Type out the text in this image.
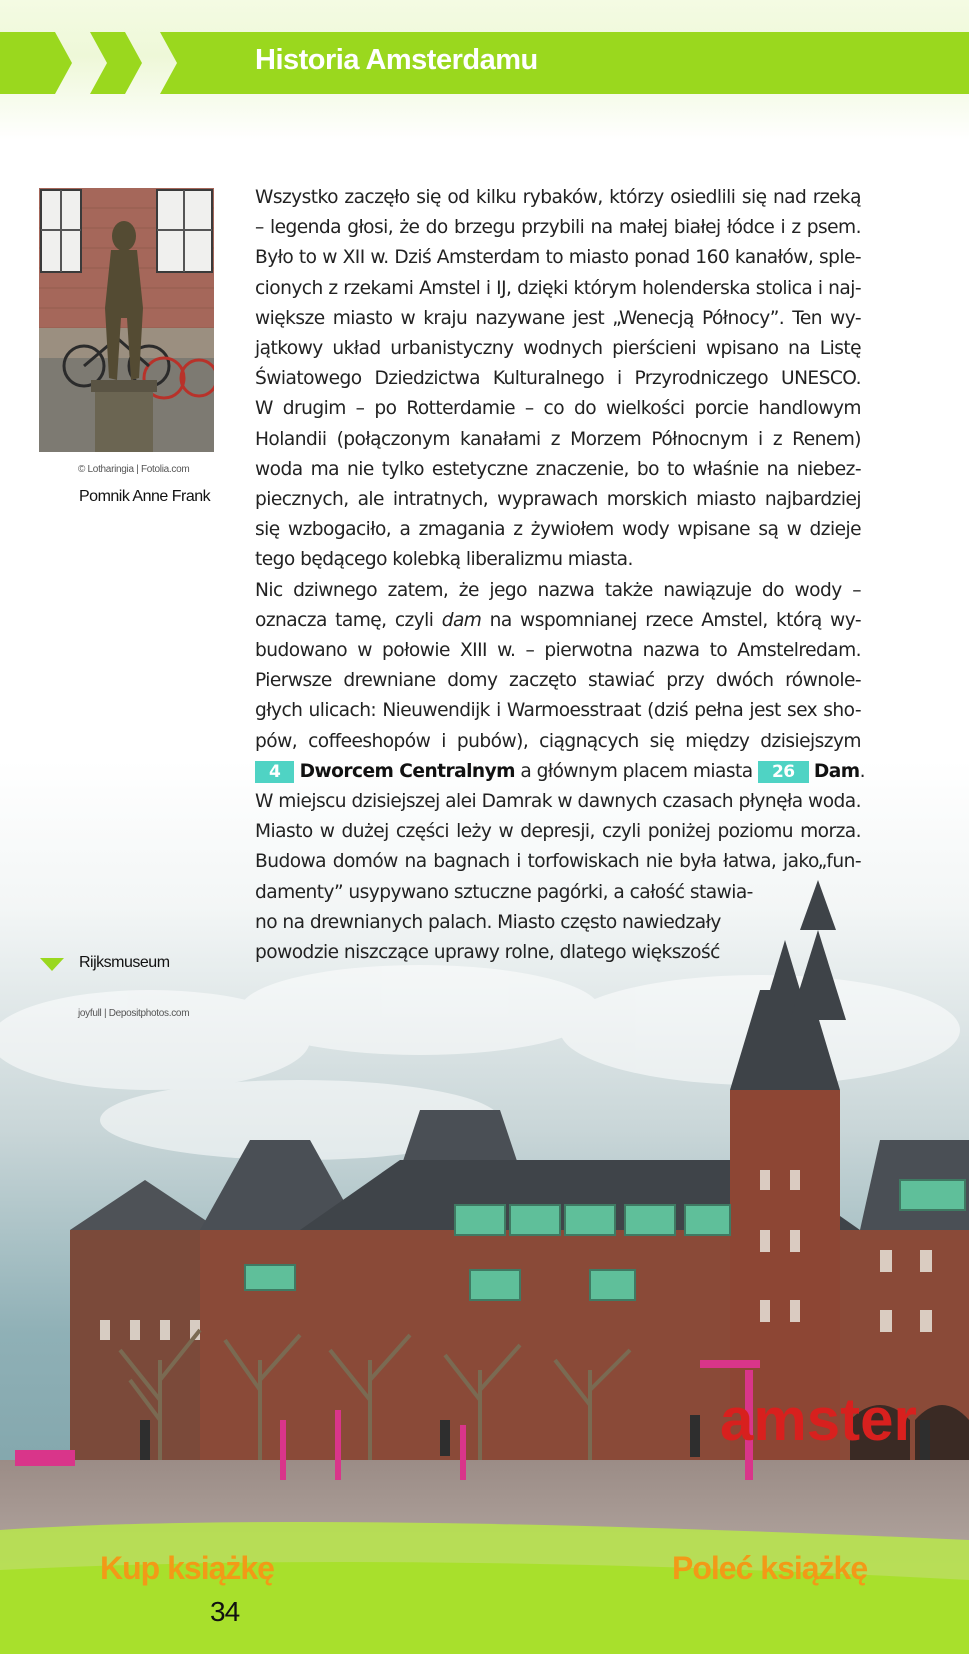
Historia Amsterdamu
© Lotharingia | Fotolia.com
Pomnik Anne Frank
amster
Wszystko zaczęło się od kilku rybaków, którzy osiedlili się nad rzeką
– legenda głosi, że do brzegu przybili na małej białej łódce i z psem.
Było to w XII w. Dziś Amsterdam to miasto ponad 160 kanałów, sple-
cionych z rzekami Amstel i IJ, dzięki którym holenderska stolica i naj-
większe miasto w kraju nazywane jest „Wenecją Północy”. Ten wy-
jątkowy układ urbanistyczny wodnych pierścieni wpisano na Listę
Światowego Dziedzictwa Kulturalnego i Przyrodniczego UNESCO.
W drugim – po Rotterdamie – co do wielkości porcie handlowym
Holandii (połączonym kanałami z Morzem Północnym i z Renem)
woda ma nie tylko estetyczne znaczenie, bo to właśnie na niebez-
piecznych, ale intratnych, wyprawach morskich miasto najbardziej
się wzbogaciło, a zmagania z żywiołem wody wpisane są w dzieje
tego będącego kolebką liberalizmu miasta.
Nic dziwnego zatem, że jego nazwa także nawiązuje do wody –
oznacza tamę, czyli dam na wspomnianej rzece Amstel, którą wy-
budowano w połowie XIII w. – pierwotna nazwa to Amstelredam.
Pierwsze drewniane domy zaczęto stawiać przy dwóch równole-
głych ulicach: Nieuwendijk i Warmoesstraat (dziś pełna jest sex sho-
pów, coffeeshopów i pubów), ciągnących się między dzisiejszym
4 Dworcem Centralnym a głównym placem miasta 26 Dam.
W miejscu dzisiejszej alei Damrak w dawnych czasach płynęła woda.
Miasto w dużej części leży w depresji, czyli poniżej poziomu morza.
Budowa domów na bagnach i torfowiskach nie była łatwa, jako„fun-
damenty” usypywano sztuczne pagórki, a całość stawia-
no na drewnianych palach. Miasto często nawiedzały
powodzie niszczące uprawy rolne, dlatego większość
Rijksmuseum
joyfull | Depositphotos.com
Kup książkę	Poleć książkę
34
